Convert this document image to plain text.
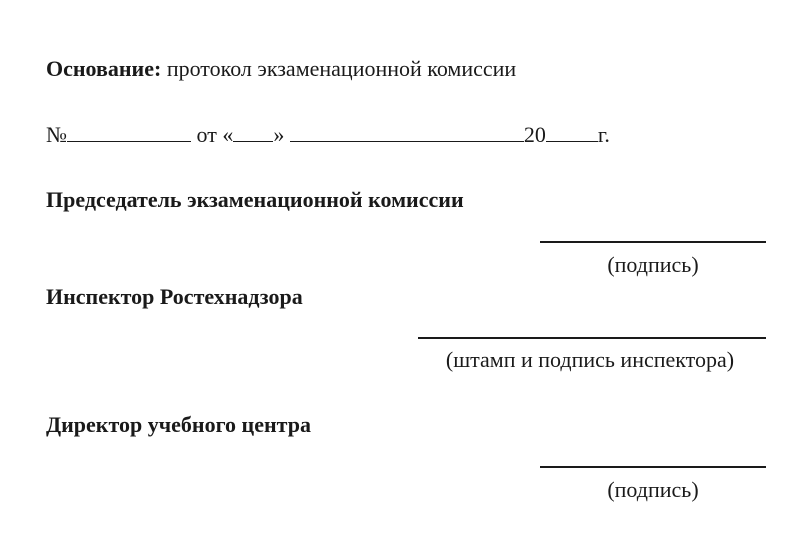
Основание: протокол экзаменационной комиссии
№	от « »	20 г.
Председатель экзаменационной комиссии
(подпись)
Инспектор Ростехнадзора
(штамп и подпись инспектора)
Директор учебного центра
(подпись)
